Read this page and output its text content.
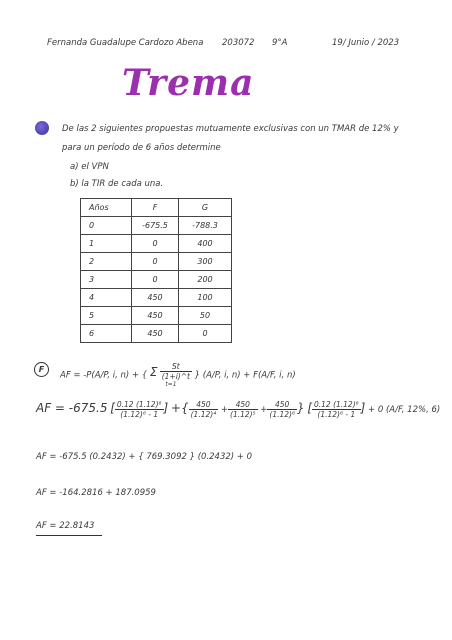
Fernanda Guadalupe Cardozo Abena 203072 9°A	19/ Junio / 2023
Trema
De las 2 siguientes propuestas mutuamente exclusivas con un TMAR de 12% y
para un período de 6 años determine
a) el VPN
b) la TIR de cada una.
Años	F	G
0	-675.5	-788.3
1	0	400
2	0	300
3	0	200
4	450	100
5	450	50
6	450	0
F
AF = -P(A/P, i, n) + { Σ $\frac{St}{(1+i)\^{}t}$
t=1
} (A/P, i, n) + F(A/F, i, n)
AF = -675.5 [ $\frac{\text{0.12 (1.12)⁶}}{\text{(1.12)⁶ - 1}}$ ] +{ $\frac{450}{\text{(1.12)⁴}} + \frac{450}{\text{(1.12)⁵}} + \frac{450}{\text{(1.12)⁶}}$ } [ $\frac{\text{0.12 (1.12)⁶}}{\text{(1.12)⁶ - 1}}$ ] + 0 (A/F, 12%, 6)
AF = -675.5 (0.2432) + { 769.3092 } (0.2432) + 0
AF = -164.2816 + 187.0959
AF = 22.8143
